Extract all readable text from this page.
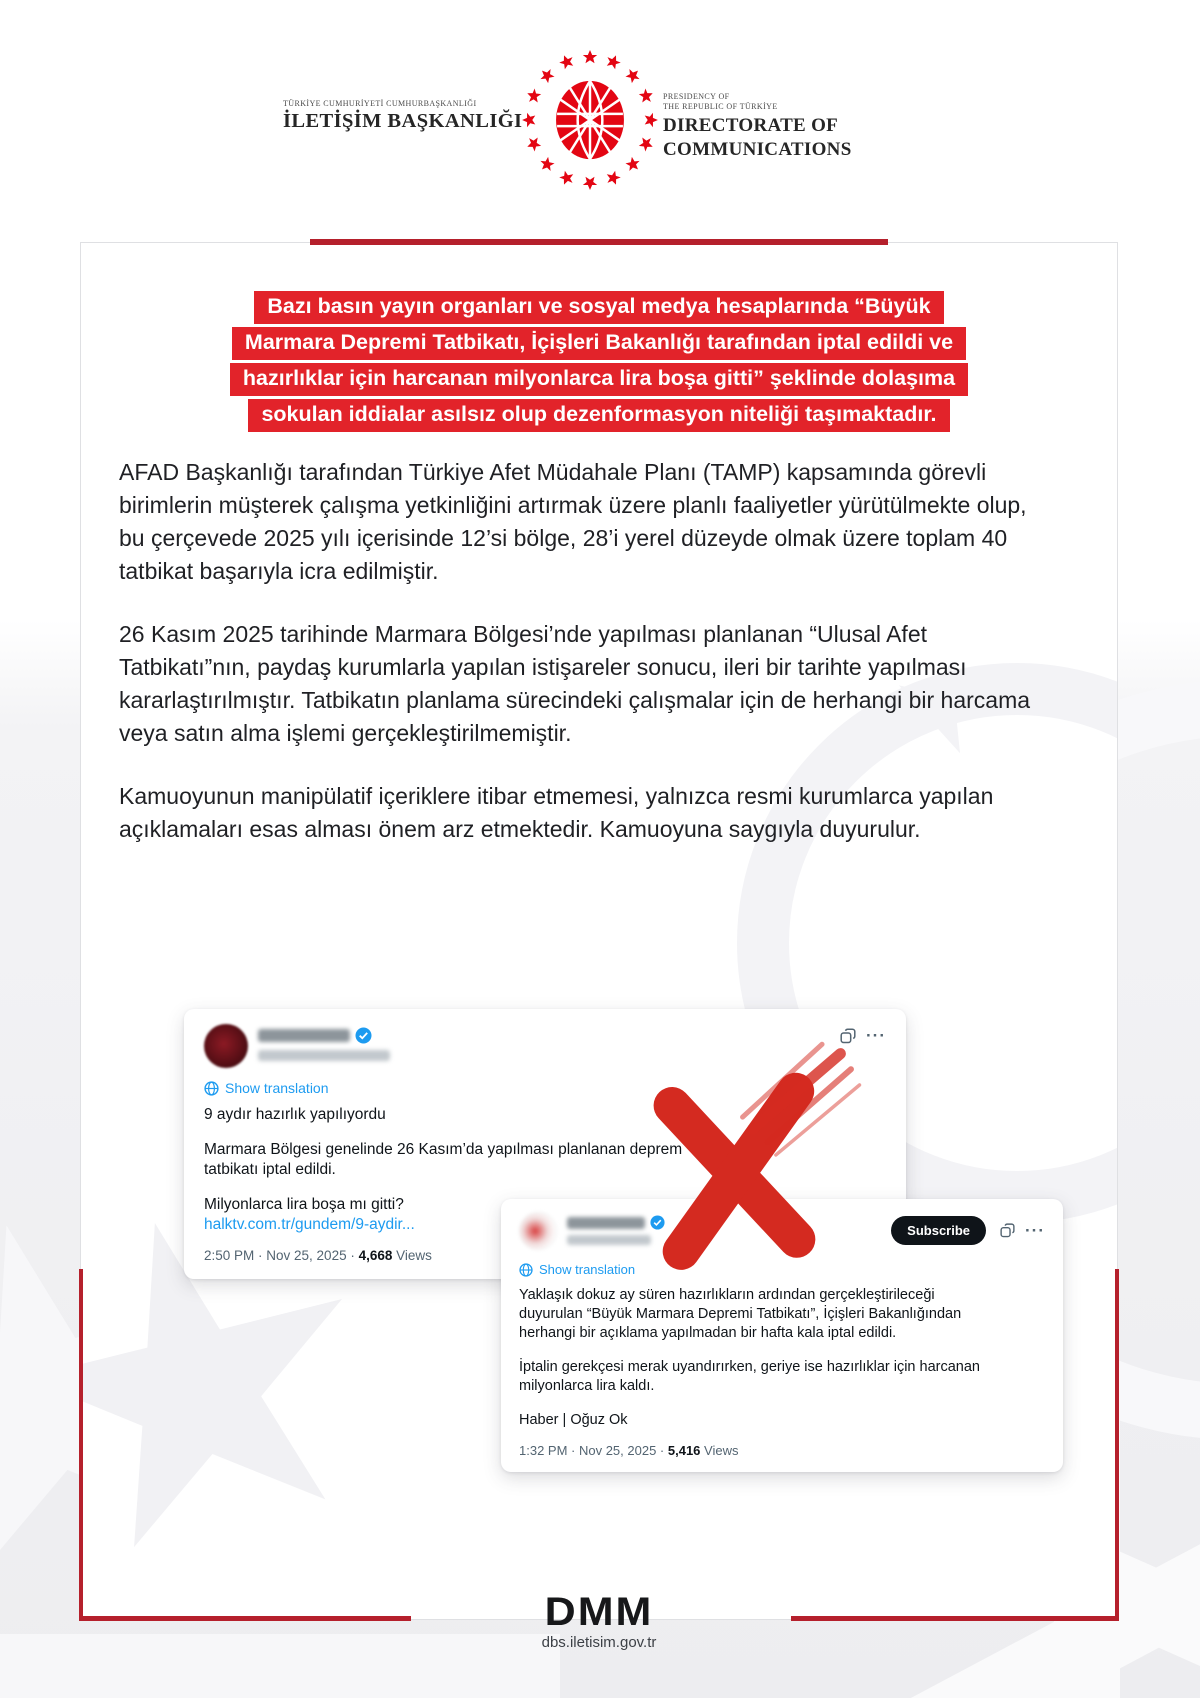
TÜRKİYE CUMHURİYETİ CUMHURBAŞKANLIĞI
İLETİŞİM BAŞKANLIĞI
PRESIDENCY OF
THE REPUBLIC OF TÜRKİYE
DIRECTORATE OF
COMMUNICATIONS
Bazı basın yayın organları ve sosyal medya hesaplarında “Büyük
Marmara Depremi Tatbikatı, İçişleri Bakanlığı tarafından iptal edildi ve
hazırlıklar için harcanan milyonlarca lira boşa gitti” şeklinde dolaşıma
sokulan iddialar asılsız olup dezenformasyon niteliği taşımaktadır.

AFAD Başkanlığı tarafından Türkiye Afet Müdahale Planı (TAMP) kapsamında görevli birimlerin müşterek çalışma yetkinliğini artırmak üzere planlı faaliyetler yürütülmekte olup, bu çerçevede 2025 yılı içerisinde 12’si bölge, 28’i yerel düzeyde olmak üzere toplam 40 tatbikat başarıyla icra edilmiştir.

26 Kasım 2025 tarihinde Marmara Bölgesi’nde yapılması planlanan “Ulusal Afet Tatbikatı”nın, paydaş kurumlarla yapılan istişareler sonucu, ileri bir tarihte yapılması kararlaştırılmıştır. Tatbikatın planlama sürecindeki çalışmalar için de herhangi bir harcama veya satın alma işlemi gerçekleştirilmemiştir.

Kamuoyunun manipülatif içeriklere itibar etmemesi, yalnızca resmi kurumlarca yapılan açıklamaları esas alması önem arz etmektedir. Kamuoyuna saygıyla duyurulur.

···
Show translation

9 aydır hazırlık yapılıyordu

Marmara Bölgesi genelinde 26 Kasım’da yapılması planlanan deprem
tatbikatı iptal edildi.

Milyonlarca lira boşa mı gitti?

halktv.com.tr/gundem/9-aydir...
2:50 PM · Nov 25, 2025 · 4,668 Views
Subscribe	···
Show translation

Yaklaşık dokuz ay süren hazırlıkların ardından gerçekleştirileceği
duyurulan “Büyük Marmara Depremi Tatbikatı”, İçişleri Bakanlığından
herhangi bir açıklama yapılmadan bir hafta kala iptal edildi.

İptalin gerekçesi merak uyandırırken, geriye ise hazırlıklar için harcanan
milyonlarca lira kaldı.

Haber | Oğuz Ok

1:32 PM · Nov 25, 2025 · 5,416 Views
DMM
dbs.iletisim.gov.tr
